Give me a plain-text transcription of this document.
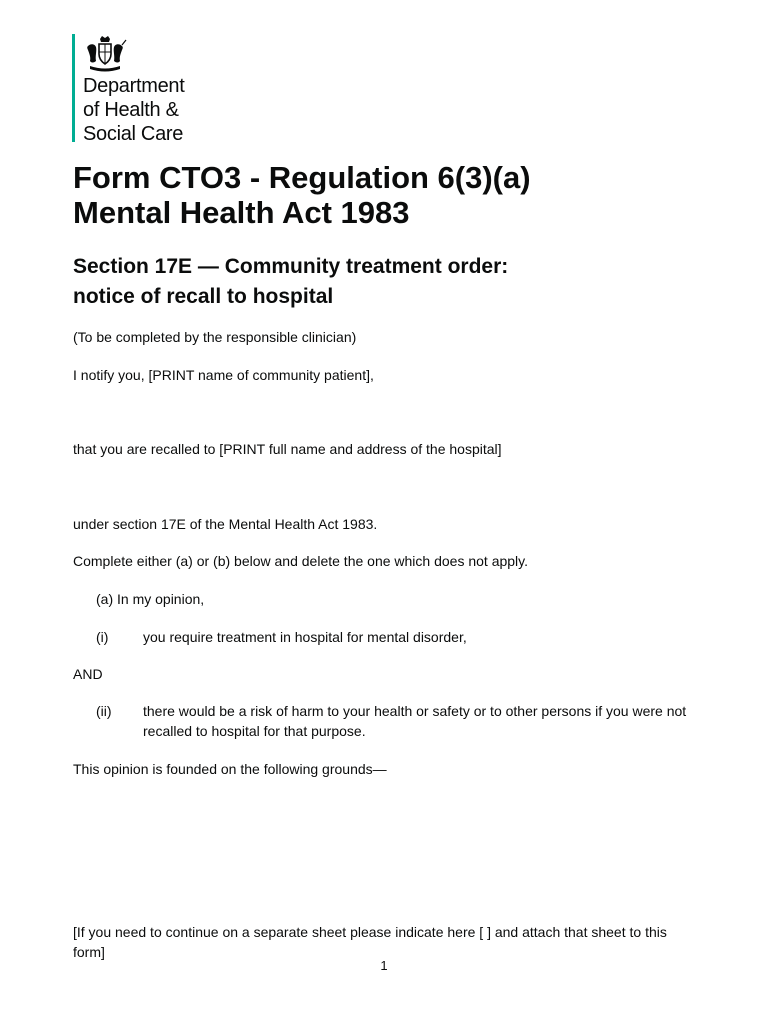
Department
of Health &
Social Care
Form CTO3 - Regulation 6(3)(a)
Mental Health Act 1983
Section 17E — Community treatment order:
notice of recall to hospital

(To be completed by the responsible clinician)

I notify you, [PRINT name of community patient],

that you are recalled to [PRINT full name and address of the hospital]

under section 17E of the Mental Health Act 1983.

Complete either (a) or (b) below and delete the one which does not apply.

(a) In my opinion,

(i) you require treatment in hospital for mental disorder,

AND

(ii) there would be a risk of harm to your health or safety or to other persons if you were not recalled to hospital for that purpose.

This opinion is founded on the following grounds—

[If you need to continue on a separate sheet please indicate here [ ] and attach that sheet to this form]

1
